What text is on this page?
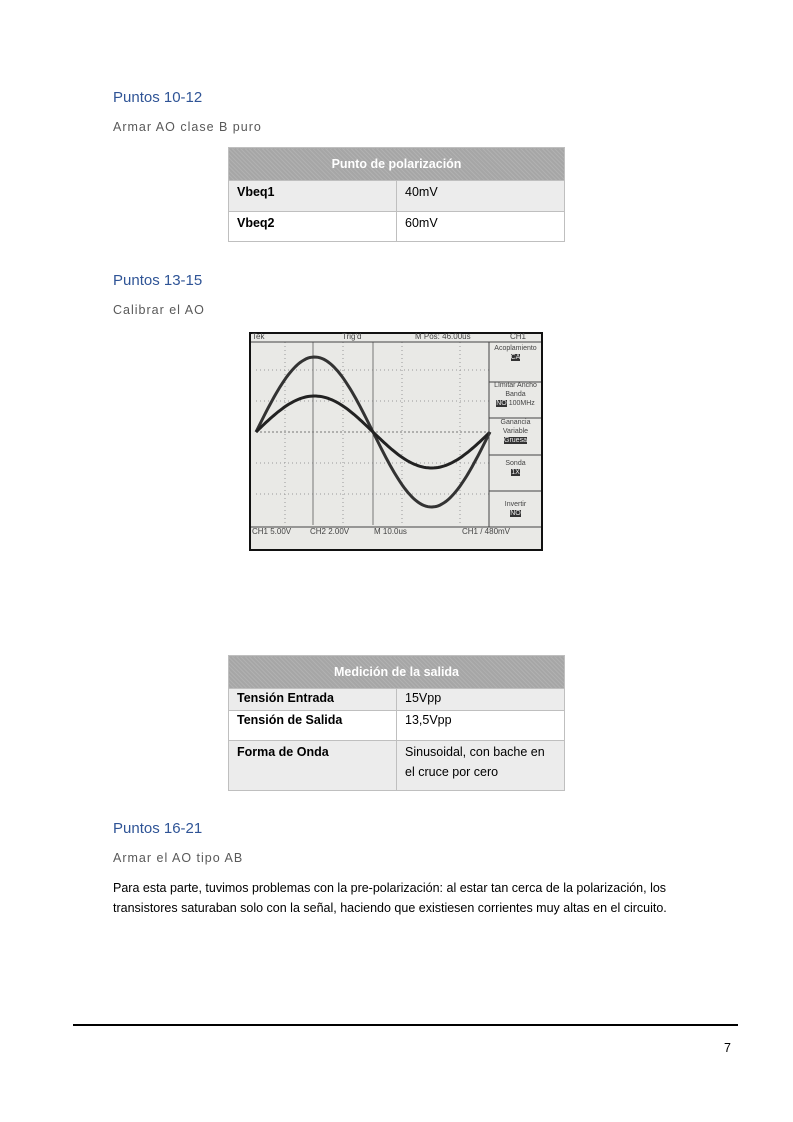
Puntos 10-12
Armar AO clase B puro
Punto de polarización	
Vbeq1	40mV
Vbeq2	60mV
Puntos 13-15
Calibrar el AO
Tek	Trig'd	M Pos: 46.00us	CH1
Acoplamiento
CA
LImitar Ancho Banda
NO 100MHz
Ganancia Variable
Gruesa
Sonda
1X
Invertir
NO
CH1 5.00V CH2 2.00V	M 10.0us	CH1 / 480mV
Medición de la salida	
Tensión Entrada	15Vpp
Tensión de Salida	13,5Vpp
Forma de Onda	Sinusoidal, con bache en el cruce por cero
Puntos 16-21
Armar el AO tipo AB
Para esta parte, tuvimos problemas con la pre-polarización: al estar tan cerca de la polarización, los transistores saturaban solo con la señal, haciendo que existiesen corrientes muy altas en el circuito.
7
